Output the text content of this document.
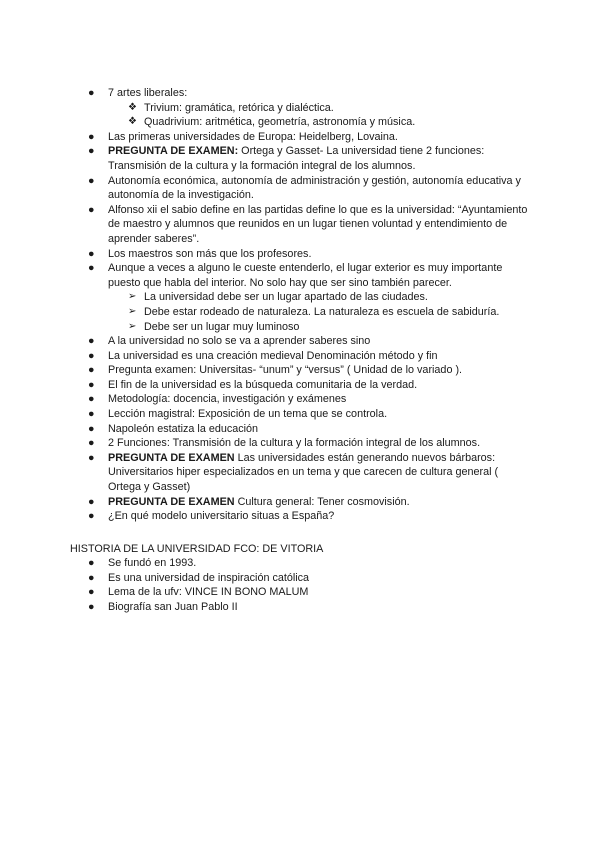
●	7 artes liberales:
❖ Trivium: gramática, retórica y dialéctica.
❖ Quadrivium: aritmética, geometría, astronomía y música.
●	Las primeras universidades de Europa: Heidelberg, Lovaina.
●	PREGUNTA DE EXAMEN: Ortega y Gasset- La universidad tiene 2 funciones: Transmisión de la cultura y la formación integral de los alumnos.
●	Autonomía económica, autonomía de administración y gestión, autonomía educativa y autonomía de la investigación.
●	Alfonso xii el sabio define en las partidas define lo que es la universidad: “Ayuntamiento de maestro y alumnos que reunidos en un lugar tienen voluntad y entendimiento de aprender saberes”.
●	Los maestros son más que los profesores.
●	Aunque a veces a alguno le cueste entenderlo, el lugar exterior es muy importante puesto que habla del interior. No solo hay que ser sino también parecer.
➢ La universidad debe ser un lugar apartado de las ciudades.
➢ Debe estar rodeado de naturaleza. La naturaleza es escuela de sabiduría.
➢ Debe ser un lugar muy luminoso
●	A la universidad no solo se va a aprender saberes sino
●	La universidad es una creación medieval Denominación método y fin
●	Pregunta examen: Universitas- “unum” y “versus” ( Unidad de lo variado ).
●	El fin de la universidad es la búsqueda comunitaria de la verdad.
●	Metodología: docencia, investigación y exámenes
●	Lección magistral: Exposición de un tema que se controla.
●	Napoleón estatiza la educación
●	2 Funciones: Transmisión de la cultura y la formación integral de los alumnos.
●	PREGUNTA DE EXAMEN Las universidades están generando nuevos bárbaros: Universitarios hiper especializados en un tema y que carecen de cultura general ( Ortega y Gasset)
●	PREGUNTA DE EXAMEN Cultura general: Tener cosmovisión.
●	¿En qué modelo universitario situas a España?
HISTORIA DE LA UNIVERSIDAD FCO: DE VITORIA
●	Se fundó en 1993.
●	Es una universidad de inspiración católica
●	Lema de la ufv: VINCE IN BONO MALUM
●	Biografía san Juan Pablo II
